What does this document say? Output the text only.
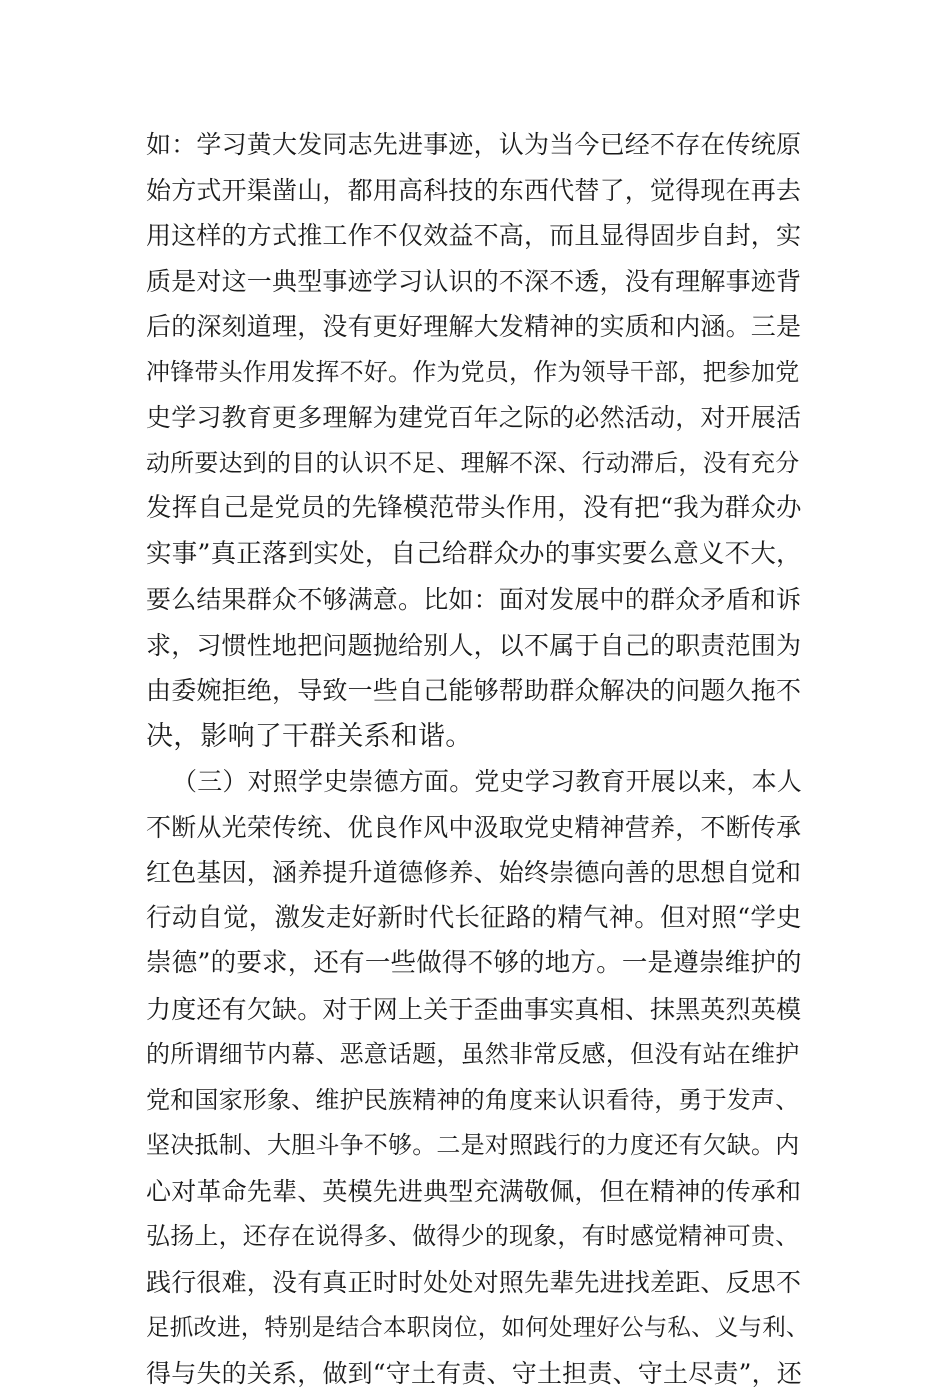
如：学习黄大发同志先进事迹，认为当今已经不存在传统原
始方式开渠凿山，都用高科技的东西代替了，觉得现在再去
用这样的方式推工作不仅效益不高，而且显得固步自封，实
质是对这一典型事迹学习认识的不深不透，没有理解事迹背
后的深刻道理，没有更好理解大发精神的实质和内涵。三是
冲锋带头作用发挥不好。作为党员，作为领导干部，把参加党
史学习教育更多理解为建党百年之际的必然活动，对开展活
动所要达到的目的认识不足、理解不深、行动滞后，没有充分
发挥自己是党员的先锋模范带头作用，没有把“我为群众办
实事”真正落到实处，自己给群众办的事实要么意义不大，
要么结果群众不够满意。比如：面对发展中的群众矛盾和诉
求，习惯性地把问题抛给别人，以不属于自己的职责范围为
由委婉拒绝，导致一些自己能够帮助群众解决的问题久拖不
决，影响了干群关系和谐。
（三）对照学史崇德方面。党史学习教育开展以来，本人
不断从光荣传统、优良作风中汲取党史精神营养，不断传承
红色基因，涵养提升道德修养、始终崇德向善的思想自觉和
行动自觉，激发走好新时代长征路的精气神。但对照“学史
崇德”的要求，还有一些做得不够的地方。一是遵崇维护的
力度还有欠缺。对于网上关于歪曲事实真相、抹黑英烈英模
的所谓细节内幕、恶意话题，虽然非常反感，但没有站在维护
党和国家形象、维护民族精神的角度来认识看待，勇于发声、
坚决抵制、大胆斗争不够。二是对照践行的力度还有欠缺。内
心对革命先辈、英模先进典型充满敬佩，但在精神的传承和
弘扬上，还存在说得多、做得少的现象，有时感觉精神可贵、
践行很难，没有真正时时处处对照先辈先进找差距、反思不
足抓改进，特别是结合本职岗位，如何处理好公与私、义与利、
得与失的关系，做到“守土有责、守土担责、守土尽责”，还
